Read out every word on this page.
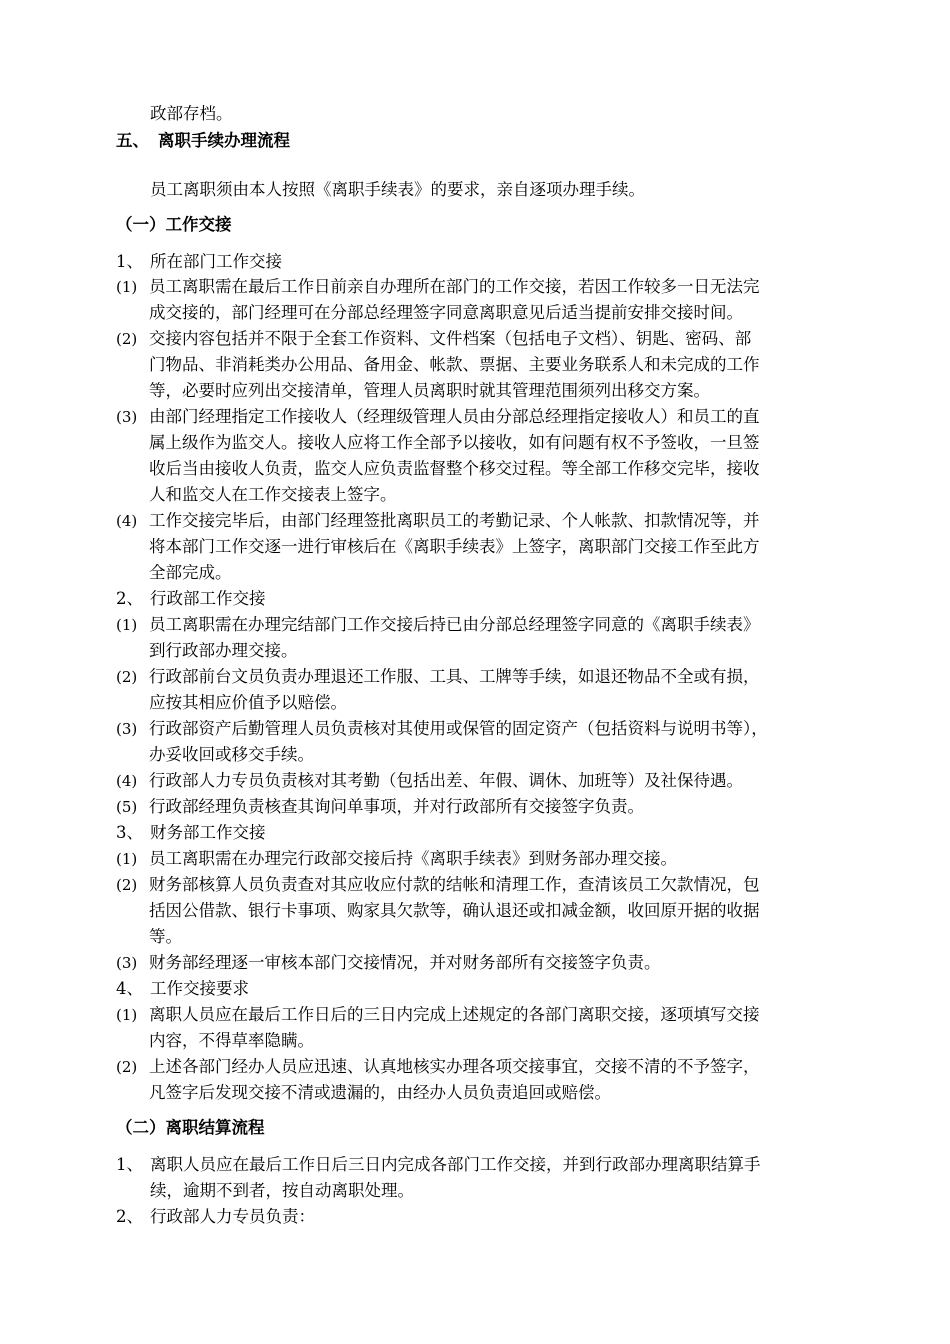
政部存档。
五、 离职手续办理流程
员工离职须由本人按照《离职手续表》的要求，亲自逐项办理手续。
（一）工作交接
1、 所在部门工作交接
(1) 员工离职需在最后工作日前亲自办理所在部门的工作交接，若因工作较多一日无法完
成交接的，部门经理可在分部总经理签字同意离职意见后适当提前安排交接时间。
(2) 交接内容包括并不限于全套工作资料、文件档案（包括电子文档）、钥匙、密码、部
门物品、非消耗类办公用品、备用金、帐款、票据、主要业务联系人和未完成的工作
等，必要时应列出交接清单，管理人员离职时就其管理范围须列出移交方案。
(3) 由部门经理指定工作接收人（经理级管理人员由分部总经理指定接收人）和员工的直
属上级作为监交人。接收人应将工作全部予以接收，如有问题有权不予签收，一旦签
收后当由接收人负责，监交人应负责监督整个移交过程。等全部工作移交完毕，接收
人和监交人在工作交接表上签字。
(4) 工作交接完毕后，由部门经理签批离职员工的考勤记录、个人帐款、扣款情况等，并
将本部门工作交逐一进行审核后在《离职手续表》上签字，离职部门交接工作至此方
全部完成。
2、 行政部工作交接
(1) 员工离职需在办理完结部门工作交接后持已由分部总经理签字同意的《离职手续表》
到行政部办理交接。
(2) 行政部前台文员负责办理退还工作服、工具、工牌等手续，如退还物品不全或有损，
应按其相应价值予以赔偿。
(3) 行政部资产后勤管理人员负责核对其使用或保管的固定资产（包括资料与说明书等），
办妥收回或移交手续。
(4) 行政部人力专员负责核对其考勤（包括出差、年假、调休、加班等）及社保待遇。
(5) 行政部经理负责核查其询问单事项，并对行政部所有交接签字负责。
3、 财务部工作交接
(1) 员工离职需在办理完行政部交接后持《离职手续表》到财务部办理交接。
(2) 财务部核算人员负责查对其应收应付款的结帐和清理工作，查清该员工欠款情况，包
括因公借款、银行卡事项、购家具欠款等，确认退还或扣减金额，收回原开据的收据
等。
(3) 财务部经理逐一审核本部门交接情况，并对财务部所有交接签字负责。
4、 工作交接要求
(1) 离职人员应在最后工作日后的三日内完成上述规定的各部门离职交接，逐项填写交接
内容，不得草率隐瞒。
(2) 上述各部门经办人员应迅速、认真地核实办理各项交接事宜，交接不清的不予签字，
凡签字后发现交接不清或遗漏的，由经办人员负责追回或赔偿。
（二）离职结算流程
1、 离职人员应在最后工作日后三日内完成各部门工作交接，并到行政部办理离职结算手
续，逾期不到者，按自动离职处理。
2、 行政部人力专员负责：
